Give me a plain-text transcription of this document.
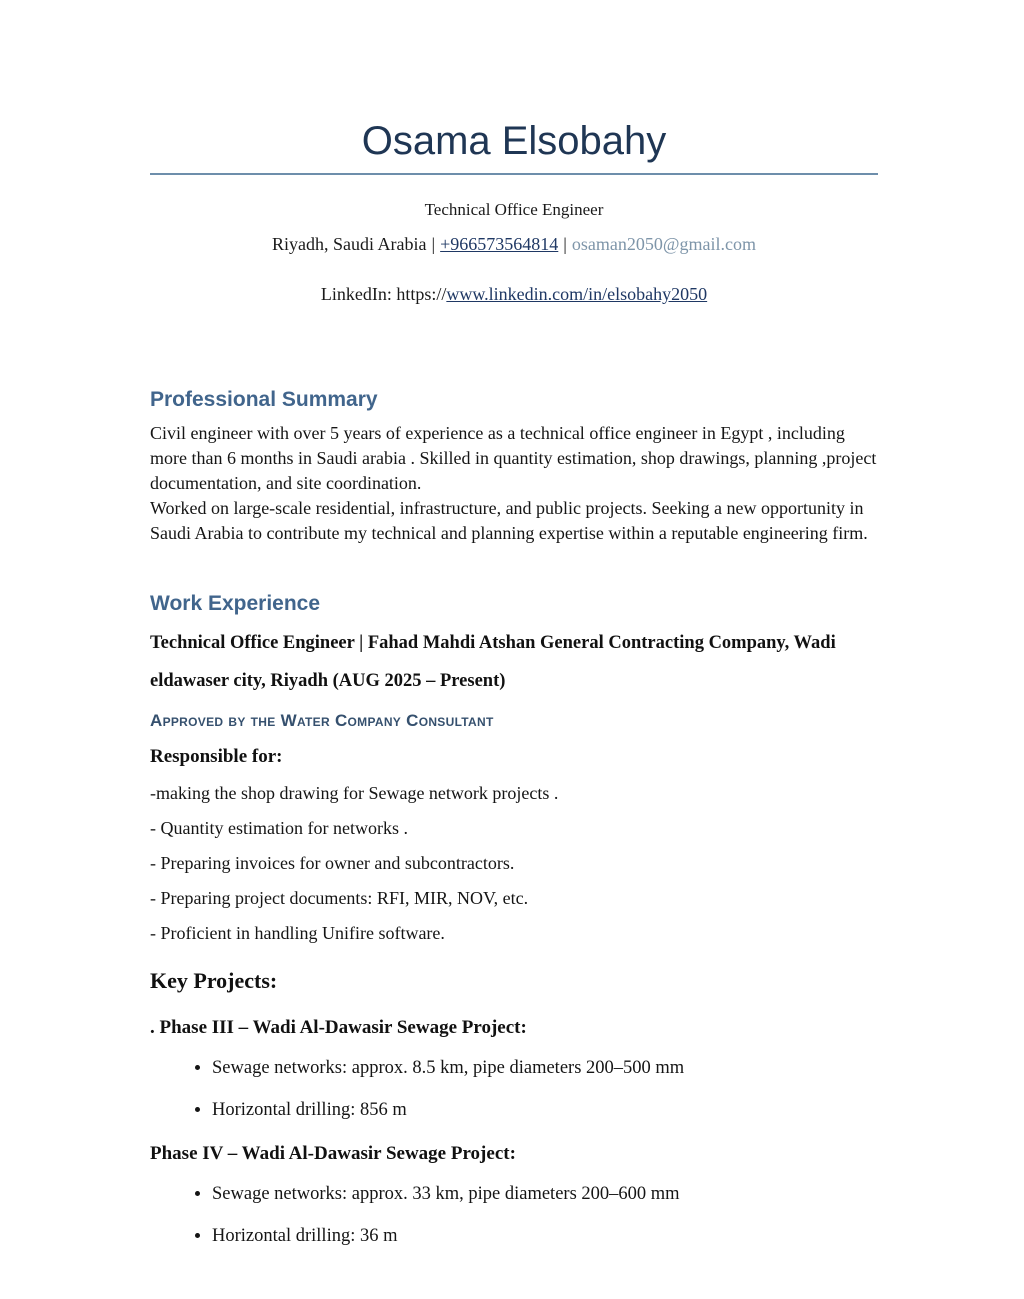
Osama Elsobahy
Technical Office Engineer
Riyadh, Saudi Arabia | +966573564814 | osaman2050@gmail.com
LinkedIn: https://www.linkedin.com/in/elsobahy2050
Professional Summary
Civil engineer with over 5 years of experience as a technical office engineer in Egypt , including more than 6 months in Saudi arabia . Skilled in quantity estimation, shop drawings, planning ,project documentation, and site coordination.
Worked on large-scale residential, infrastructure, and public projects. Seeking a new opportunity in Saudi Arabia to contribute my technical and planning expertise within a reputable engineering firm.
Work Experience
Technical Office Engineer | Fahad Mahdi Atshan General Contracting Company, Wadi eldawaser city, Riyadh (AUG 2025 – Present)
Approved by the Water Company Consultant
Responsible for:
-making the shop drawing for Sewage network projects .
- Quantity estimation for networks .
- Preparing invoices for owner and subcontractors.
- Preparing project documents: RFI, MIR, NOV, etc.
- Proficient in handling Unifire software.
Key Projects:
. Phase III – Wadi Al-Dawasir Sewage Project:
• Sewage networks: approx. 8.5 km, pipe diameters 200–500 mm
• Horizontal drilling: 856 m
Phase IV – Wadi Al-Dawasir Sewage Project:
• Sewage networks: approx. 33 km, pipe diameters 200–600 mm
• Horizontal drilling: 36 m
